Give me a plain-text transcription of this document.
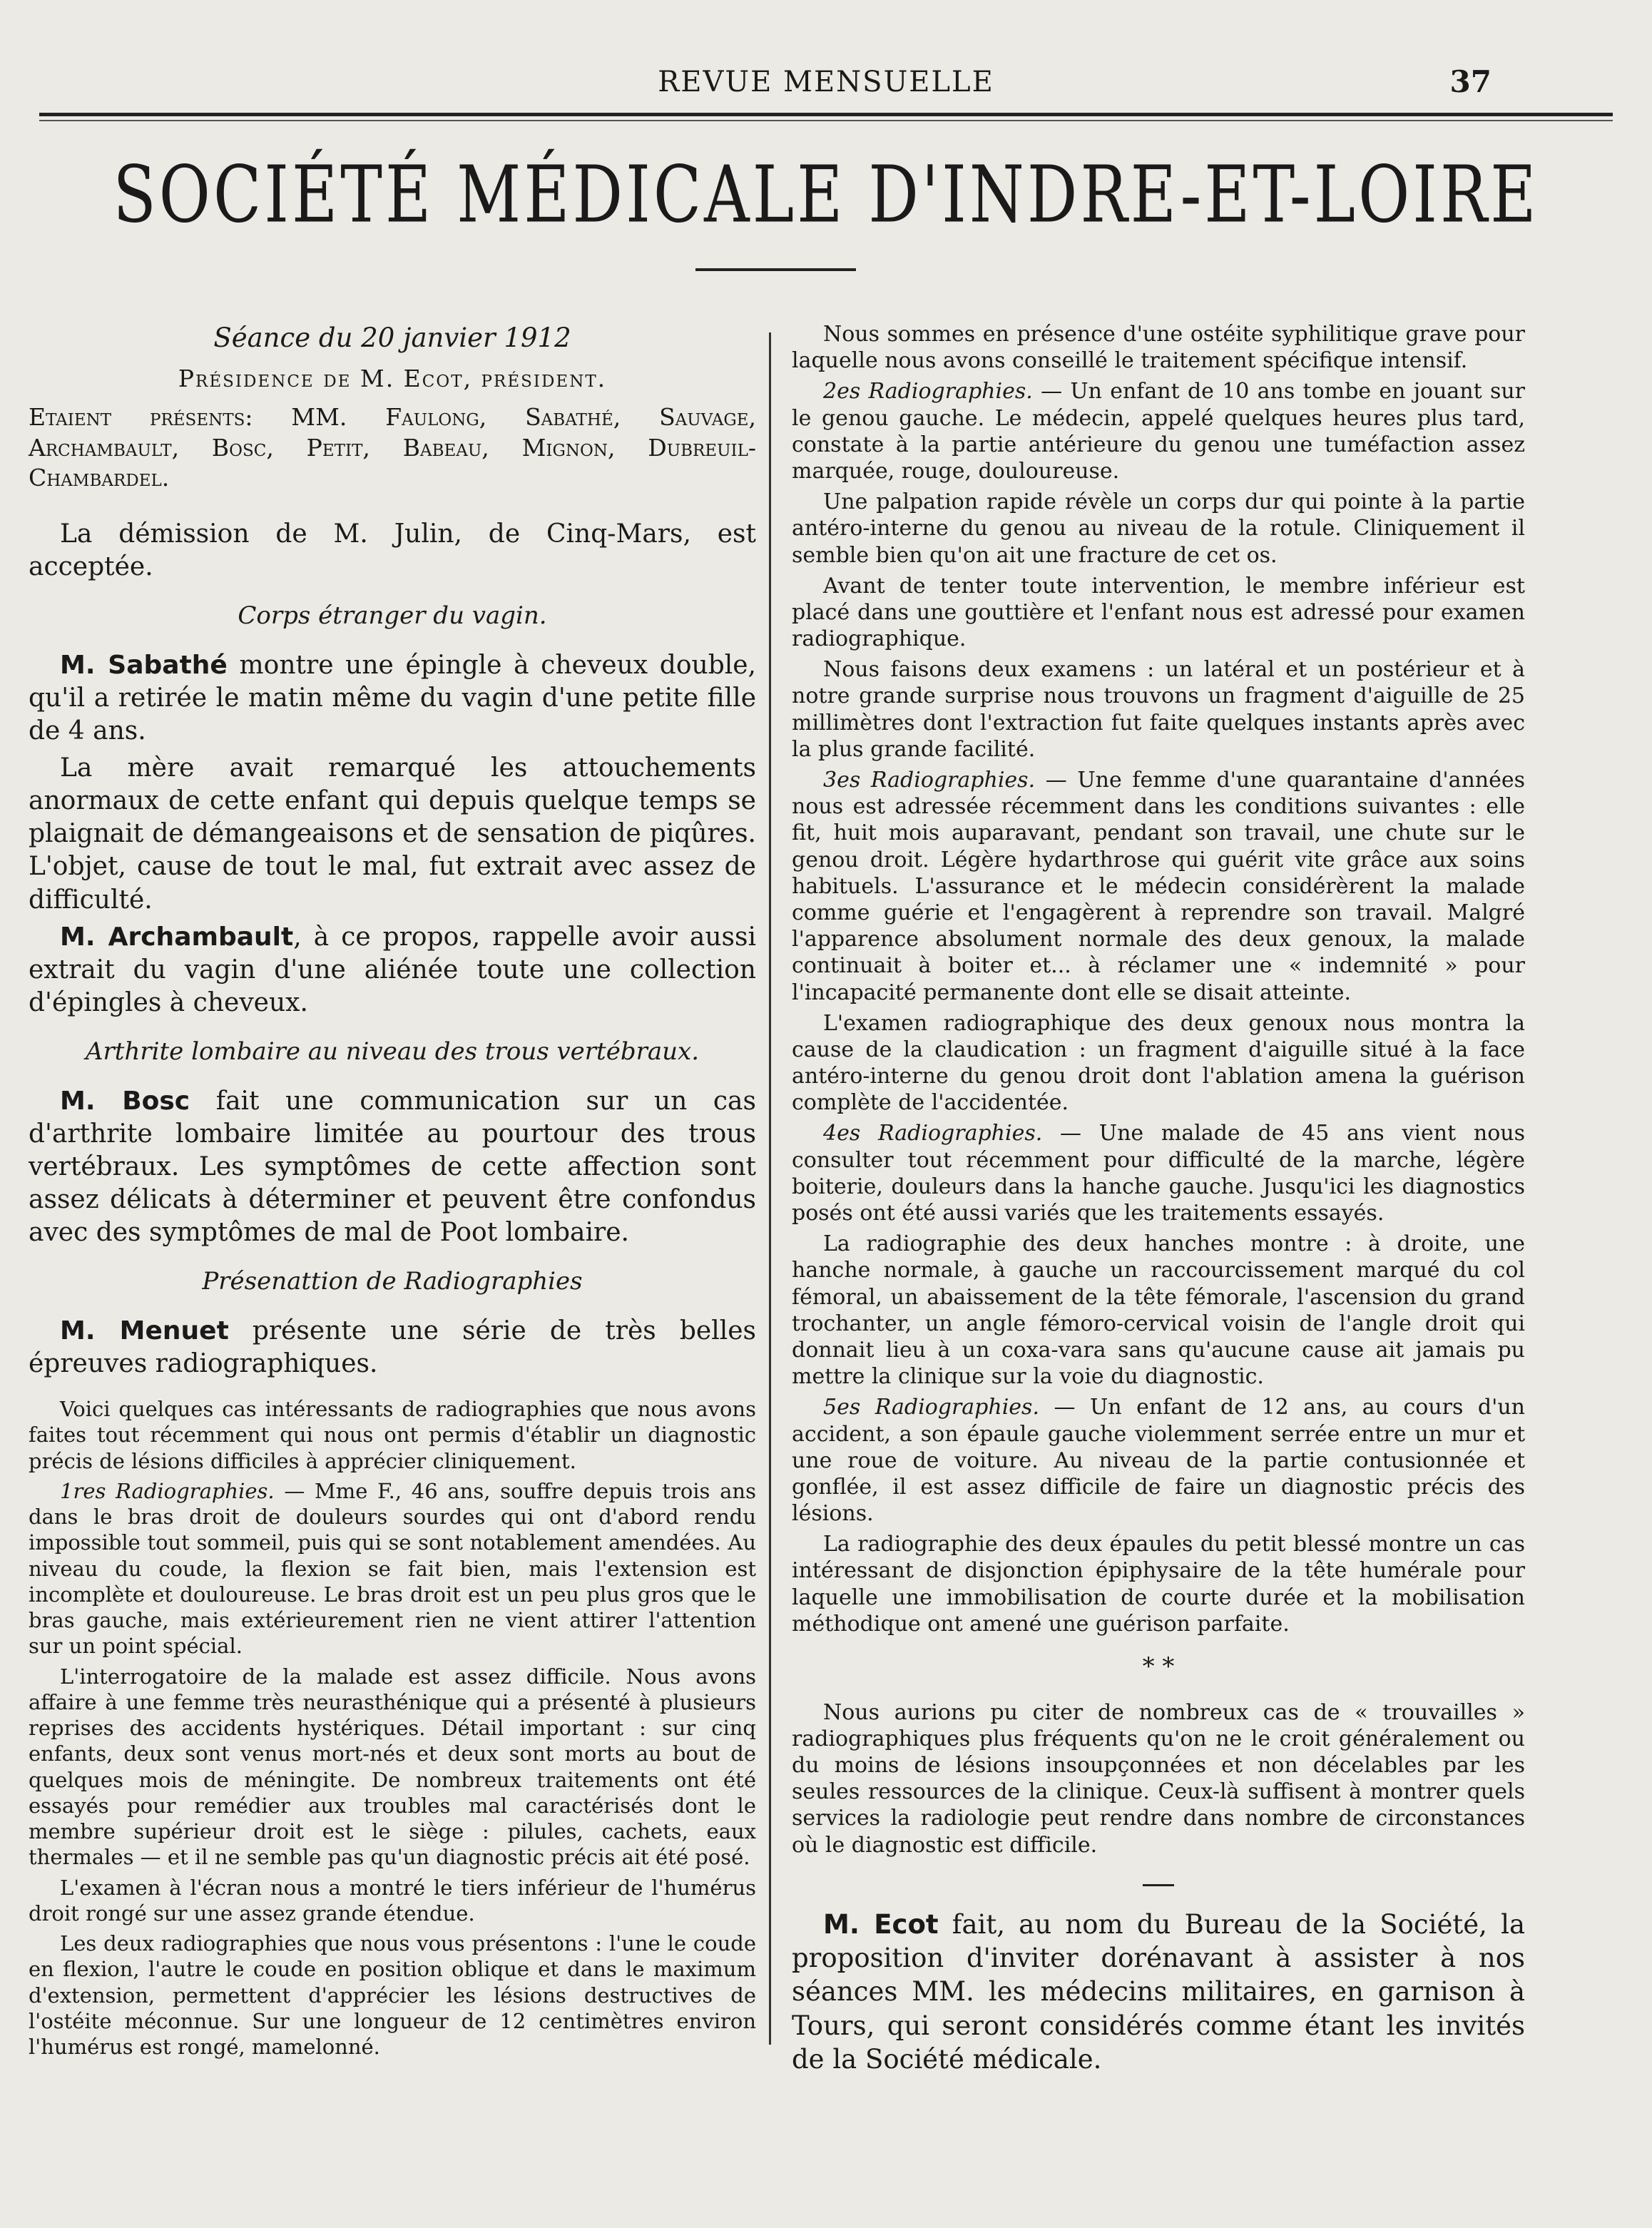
REVUE MENSUELLE	37
SOCIÉTÉ MÉDICALE D'INDRE-ET-LOIRE
Séance du 20 janvier 1912
Présidence de M. Ecot, président.

Etaient présents: MM. Faulong, Sabathé, Sauvage, Archambault, Bosc, Petit, Babeau, Mignon, Dubreuil-Chambardel.

La démission de M. Julin, de Cinq-Mars, est acceptée.

Corps étranger du vagin.

M. Sabathé montre une épingle à cheveux double, qu'il a retirée le matin même du vagin d'une petite fille de 4 ans.

La mère avait remarqué les attouchements anormaux de cette enfant qui depuis quelque temps se plaignait de démangeaisons et de sensation de piqûres. L'objet, cause de tout le mal, fut extrait avec assez de difficulté.

M. Archambault, à ce propos, rappelle avoir aussi extrait du vagin d'une aliénée toute une collection d'épingles à cheveux.

Arthrite lombaire au niveau des trous vertébraux.

M. Bosc fait une communication sur un cas d'arthrite lombaire limitée au pourtour des trous vertébraux. Les symptômes de cette affection sont assez délicats à déterminer et peuvent être confondus avec des symptômes de mal de Poot lombaire.

Présenattion de Radiographies

M. Menuet présente une série de très belles épreuves radiographiques.

Voici quelques cas intéressants de radiographies que nous avons faites tout récemment qui nous ont permis d'établir un diagnostic précis de lésions difficiles à apprécier cliniquement.

1res Radiographies. — Mme F., 46 ans, souffre depuis trois ans dans le bras droit de douleurs sourdes qui ont d'abord rendu impossible tout sommeil, puis qui se sont notablement amendées. Au niveau du coude, la flexion se fait bien, mais l'extension est incomplète et douloureuse. Le bras droit est un peu plus gros que le bras gauche, mais extérieurement rien ne vient attirer l'attention sur un point spécial.

L'interrogatoire de la malade est assez difficile. Nous avons affaire à une femme très neurasthénique qui a présenté à plusieurs reprises des accidents hystériques. Détail important : sur cinq enfants, deux sont venus mort-nés et deux sont morts au bout de quelques mois de méningite. De nombreux traitements ont été essayés pour remédier aux troubles mal caractérisés dont le membre supérieur droit est le siège : pilules, cachets, eaux thermales — et il ne semble pas qu'un diagnostic précis ait été posé.

L'examen à l'écran nous a montré le tiers inférieur de l'humérus droit rongé sur une assez grande étendue.

Les deux radiographies que nous vous présentons : l'une le coude en flexion, l'autre le coude en position oblique et dans le maximum d'extension, permettent d'apprécier les lésions destructives de l'ostéite méconnue. Sur une longueur de 12 centimètres environ l'humérus est rongé, mamelonné.

Nous sommes en présence d'une ostéite syphilitique grave pour laquelle nous avons conseillé le traitement spécifique intensif.

2es Radiographies. — Un enfant de 10 ans tombe en jouant sur le genou gauche. Le médecin, appelé quelques heures plus tard, constate à la partie antérieure du genou une tuméfaction assez marquée, rouge, douloureuse.

Une palpation rapide révèle un corps dur qui pointe à la partie antéro-interne du genou au niveau de la rotule. Cliniquement il semble bien qu'on ait une fracture de cet os.

Avant de tenter toute intervention, le membre inférieur est placé dans une gouttière et l'enfant nous est adressé pour examen radiographique.

Nous faisons deux examens : un latéral et un postérieur et à notre grande surprise nous trouvons un fragment d'aiguille de 25 millimètres dont l'extraction fut faite quelques instants après avec la plus grande facilité.

3es Radiographies. — Une femme d'une quarantaine d'années nous est adressée récemment dans les conditions suivantes : elle fit, huit mois auparavant, pendant son travail, une chute sur le genou droit. Légère hydarthrose qui guérit vite grâce aux soins habituels. L'assurance et le médecin considérèrent la malade comme guérie et l'engagèrent à reprendre son travail. Malgré l'apparence absolument normale des deux genoux, la malade continuait à boiter et... à réclamer une « indemnité » pour l'incapacité permanente dont elle se disait atteinte.

L'examen radiographique des deux genoux nous montra la cause de la claudication : un fragment d'aiguille situé à la face antéro-interne du genou droit dont l'ablation amena la guérison complète de l'accidentée.

4es Radiographies. — Une malade de 45 ans vient nous consulter tout récemment pour difficulté de la marche, légère boiterie, douleurs dans la hanche gauche. Jusqu'ici les diagnostics posés ont été aussi variés que les traitements essayés.

La radiographie des deux hanches montre : à droite, une hanche normale, à gauche un raccourcissement marqué du col fémoral, un abaissement de la tête fémorale, l'ascension du grand trochanter, un angle fémoro-cervical voisin de l'angle droit qui donnait lieu à un coxa-vara sans qu'aucune cause ait jamais pu mettre la clinique sur la voie du diagnostic.

5es Radiographies. — Un enfant de 12 ans, au cours d'un accident, a son épaule gauche violemment serrée entre un mur et une roue de voiture. Au niveau de la partie contusionnée et gonflée, il est assez difficile de faire un diagnostic précis des lésions.

La radiographie des deux épaules du petit blessé montre un cas intéressant de disjonction épiphysaire de la tête humérale pour laquelle une immobilisation de courte durée et la mobilisation méthodique ont amené une guérison parfaite.

* *

Nous aurions pu citer de nombreux cas de « trouvailles » radiographiques plus fréquents qu'on ne le croit généralement ou du moins de lésions insoupçonnées et non décelables par les seules ressources de la clinique. Ceux-là suffisent à montrer quels services la radiologie peut rendre dans nombre de circonstances où le diagnostic est difficile.

M. Ecot fait, au nom du Bureau de la Société, la proposition d'inviter dorénavant à assister à nos séances MM. les médecins militaires, en garnison à Tours, qui seront considérés comme étant les invités de la Société médicale.
